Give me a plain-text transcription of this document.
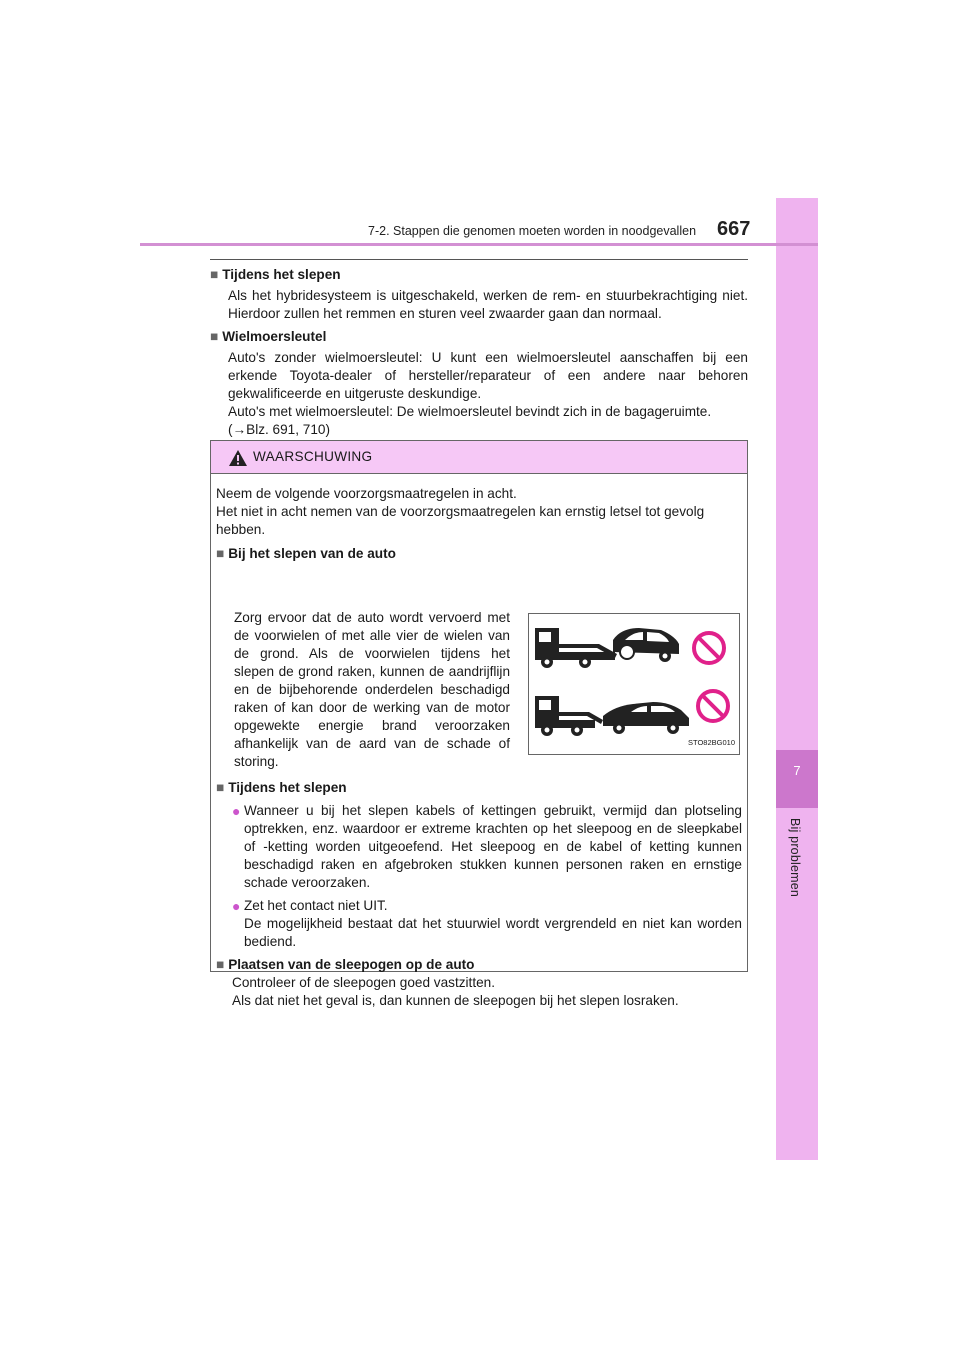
7
Bij problemen
7-2. Stappen die genomen moeten worden in noodgevallen 667

■ Tijdens het slepen

Als het hybridesysteem is uitgeschakeld, werken de rem- en stuurbekrachtiging niet. Hierdoor zullen het remmen en sturen veel zwaarder gaan dan normaal.

■ Wielmoersleutel

Auto's zonder wielmoersleutel: U kunt een wielmoersleutel aanschaffen bij een erkende Toyota-dealer of hersteller/reparateur of een andere naar behoren gekwalificeerde en uitgeruste deskundige.

Auto's met wielmoersleutel: De wielmoersleutel bevindt zich in de bagageruimte.

(→Blz. 691, 710)

WAARSCHUWING

Neem de volgende voorzorgsmaatregelen in acht.

Het niet in acht nemen van de voorzorgsmaatregelen kan ernstig letsel tot gevolg hebben.

■ Bij het slepen van de auto

Zorg ervoor dat de auto wordt vervoerd met de voorwielen of met alle vier de wielen van de grond. Als de voorwielen tijdens het slepen de grond raken, kunnen de aandrijflijn en de bijbehorende onderdelen beschadigd raken of kan door de werking van de motor opgewekte energie brand veroorzaken afhankelijk van de aard van de schade of storing.

STO82BG010

■ Tijdens het slepen

● Wanneer u bij het slepen kabels of kettingen gebruikt, vermijd dan plotseling optrekken, enz. waardoor er extreme krachten op het sleepoog en de sleepkabel of -ketting worden uitgeoefend. Het sleepoog en de kabel of ketting kunnen beschadigd raken en afgebroken stukken kunnen personen raken en ernstige schade veroorzaken.
● Zet het contact niet UIT.
De mogelijkheid bestaat dat het stuurwiel wordt vergrendeld en niet kan worden bediend.

■ Plaatsen van de sleepogen op de auto

Controleer of de sleepogen goed vastzitten.

Als dat niet het geval is, dan kunnen de sleepogen bij het slepen losraken.
